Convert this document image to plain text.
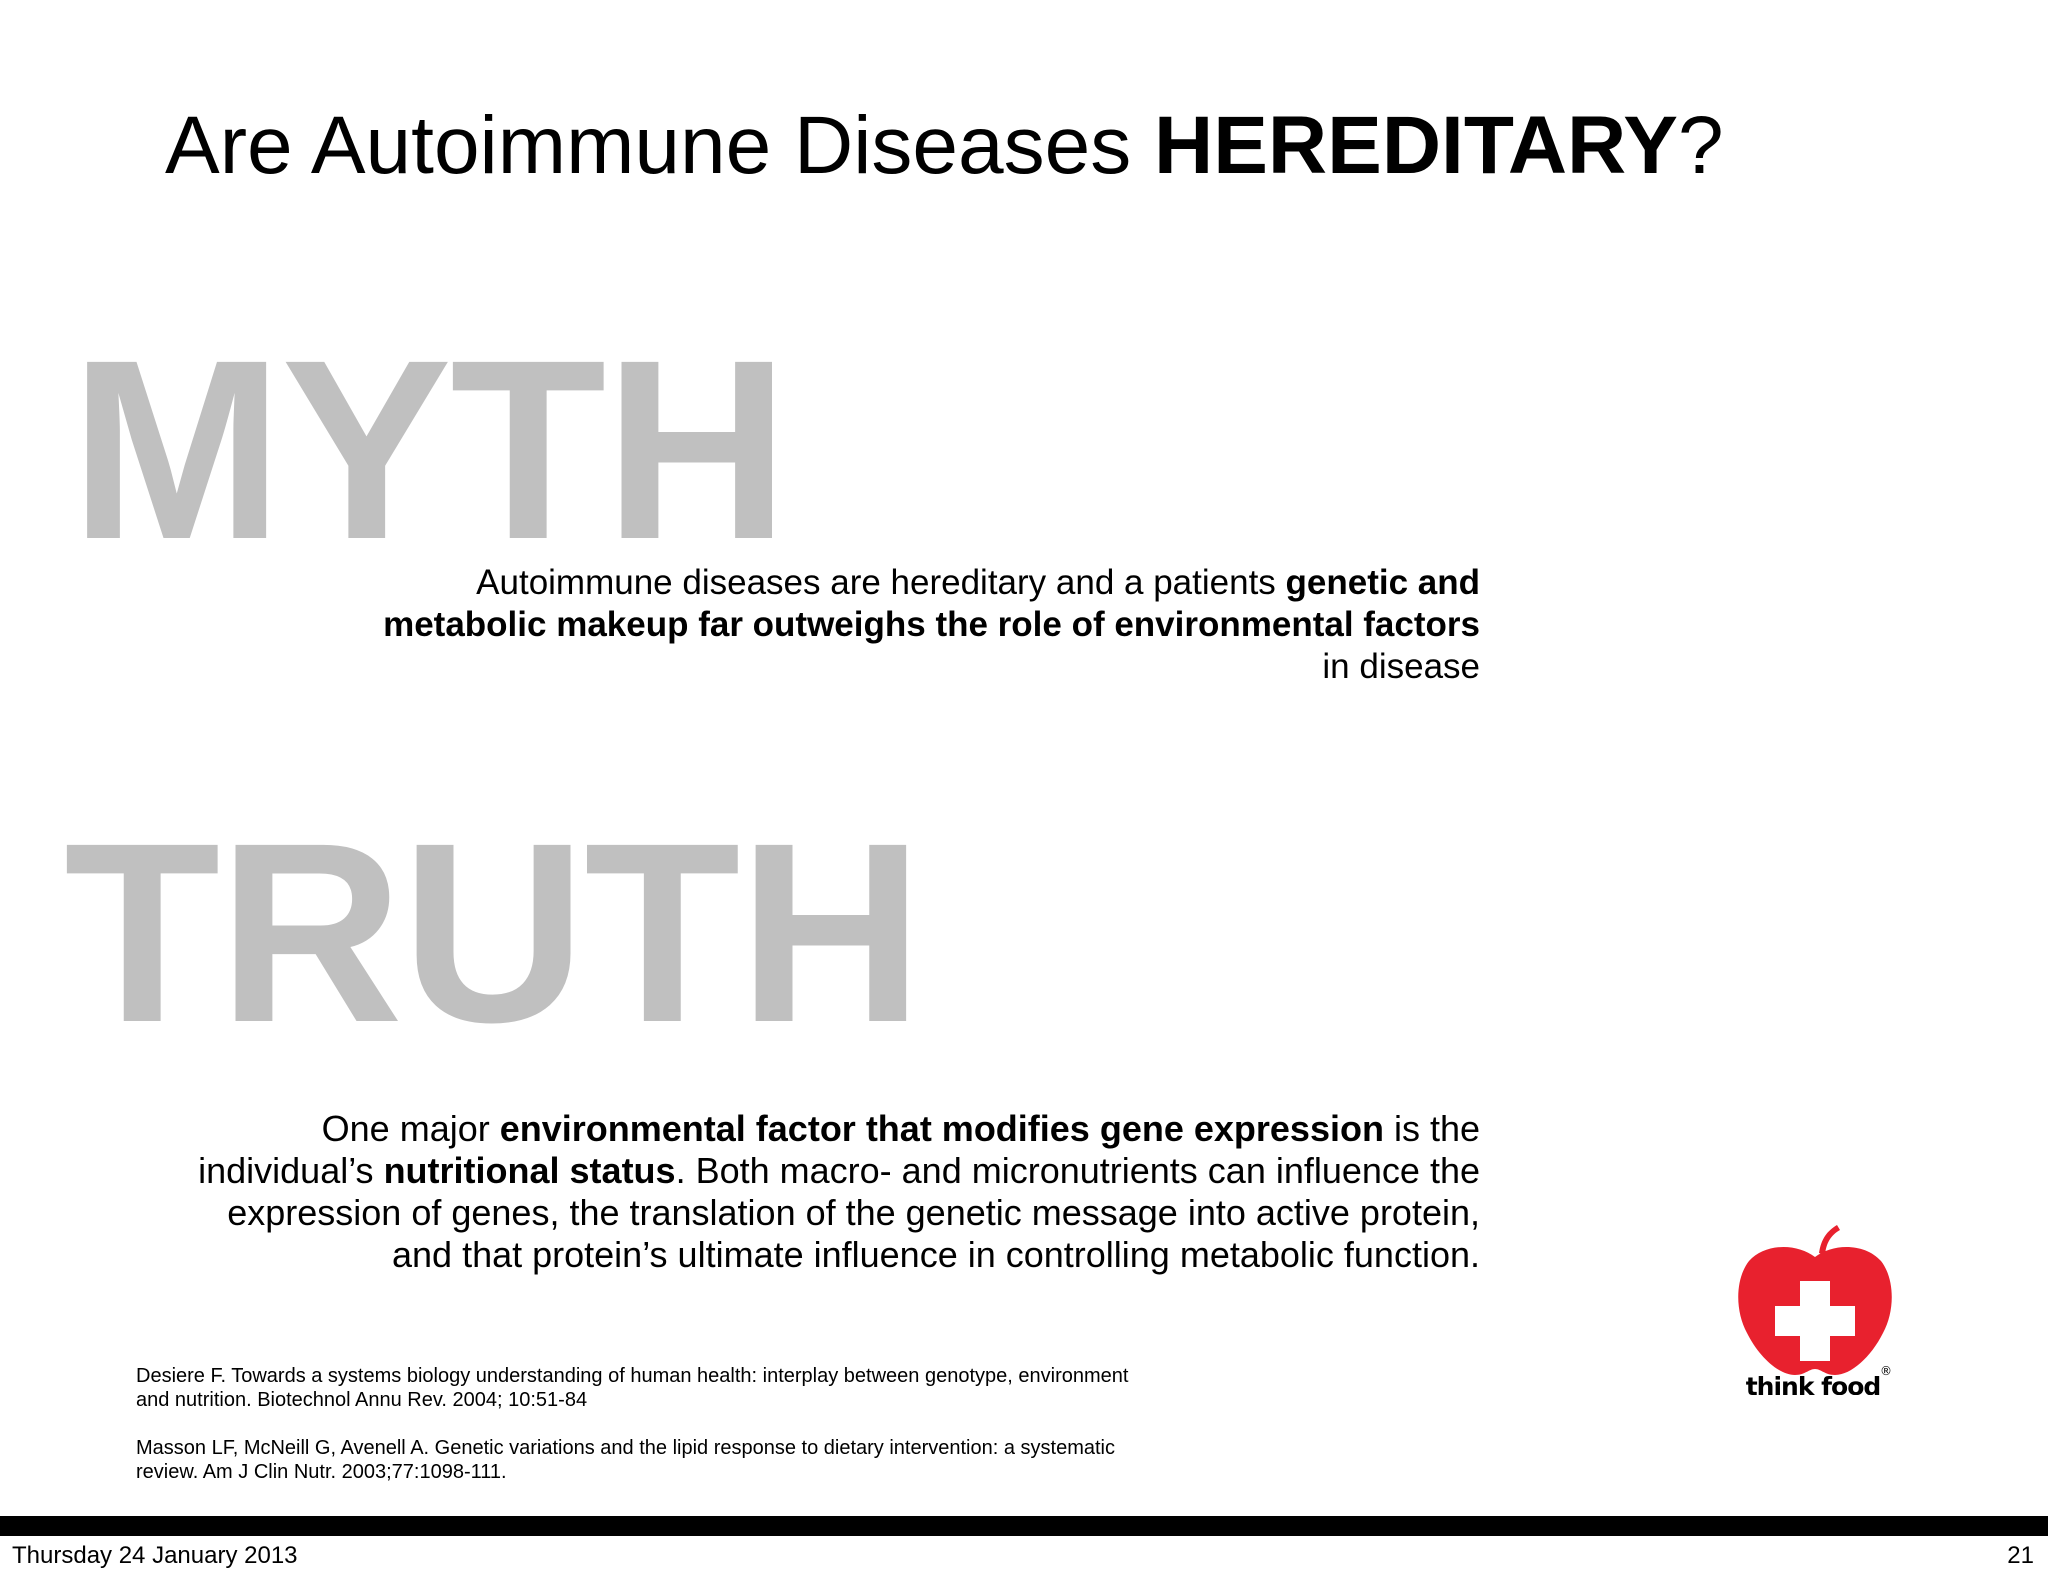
Are Autoimmune Diseases HEREDITARY?
MYTH

Autoimmune diseases are hereditary and a patients genetic and metabolic makeup far outweighs the role of environmental factors in disease

TRUTH

One major environmental factor that modifies gene expression is the individual’s nutritional status. Both macro- and micronutrients can influence the expression of genes, the translation of the genetic message into active protein, and that protein’s ultimate influence in controlling metabolic function.

Desiere F. Towards a systems biology understanding of human health: interplay between genotype, environment and nutrition. Biotechnol Annu Rev. 2004; 10:51-84

Masson LF, McNeill G, Avenell A. Genetic variations and the lipid response to dietary intervention: a systematic review. Am J Clin Nutr. 2003;77:1098-111.

think food
®
Thursday 24 January 2013	21
